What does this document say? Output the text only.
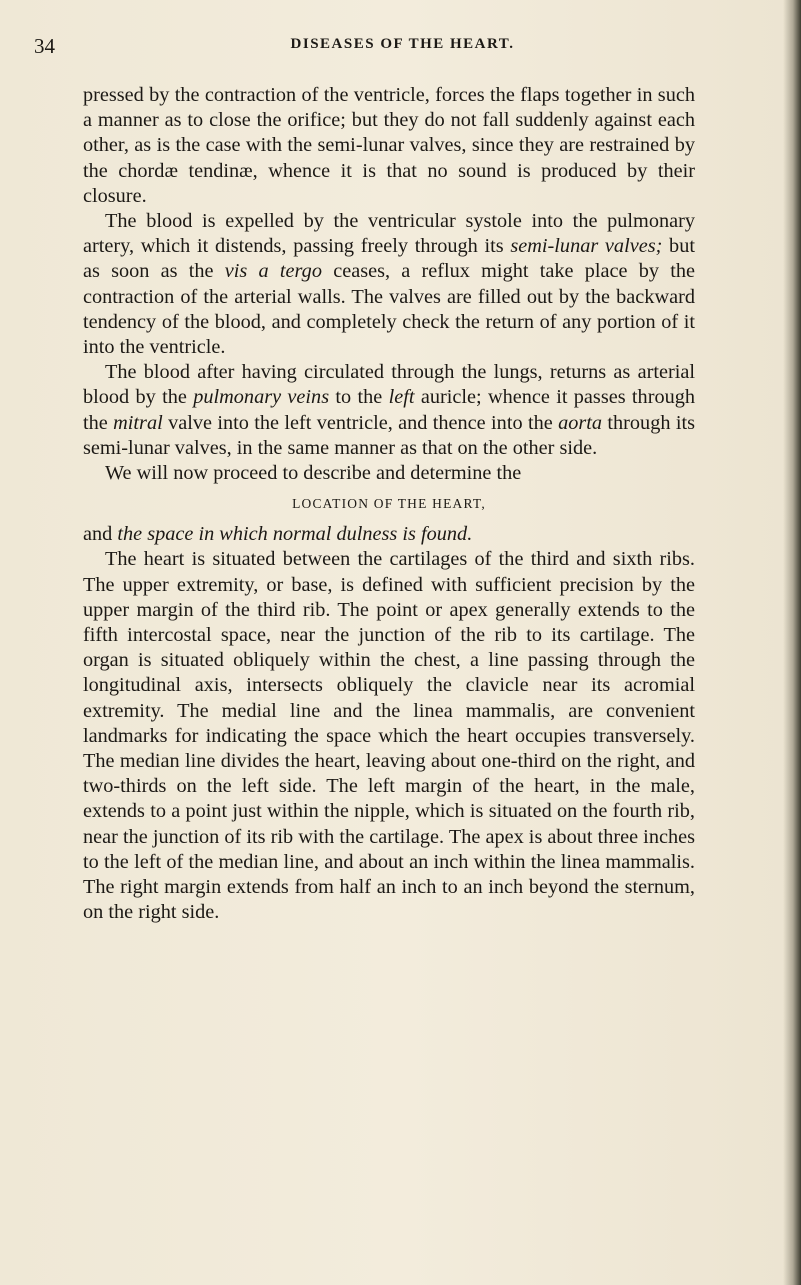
34	DISEASES OF THE HEART.

pressed by the contraction of the ventricle, forces the flaps together in such a manner as to close the orifice; but they do not fall suddenly against each other, as is the case with the semi-lunar valves, since they are restrained by the chordæ tendinæ, whence it is that no sound is produced by their closure.

The blood is expelled by the ventricular systole into the pulmonary artery, which it distends, passing freely through its semi-lunar valves; but as soon as the vis a tergo ceases, a reflux might take place by the contraction of the arterial walls. The valves are filled out by the backward tendency of the blood, and completely check the return of any portion of it into the ventricle.

The blood after having circulated through the lungs, returns as arterial blood by the pulmonary veins to the left auricle; whence it passes through the mitral valve into the left ventricle, and thence into the aorta through its semi-lunar valves, in the same manner as that on the other side.

We will now proceed to describe and determine the

LOCATION OF THE HEART,

and the space in which normal dulness is found.

The heart is situated between the cartilages of the third and sixth ribs. The upper extremity, or base, is defined with sufficient precision by the upper margin of the third rib. The point or apex generally extends to the fifth intercostal space, near the junction of the rib to its cartilage. The organ is situated obliquely within the chest, a line passing through the longitudinal axis, intersects obliquely the clavicle near its acromial extremity. The medial line and the linea mammalis, are convenient landmarks for indicating the space which the heart occupies transversely. The median line divides the heart, leaving about one-third on the right, and two-thirds on the left side. The left margin of the heart, in the male, extends to a point just within the nipple, which is situated on the fourth rib, near the junction of its rib with the cartilage. The apex is about three inches to the left of the median line, and about an inch within the linea mammalis. The right margin extends from half an inch to an inch beyond the sternum, on the right side.
